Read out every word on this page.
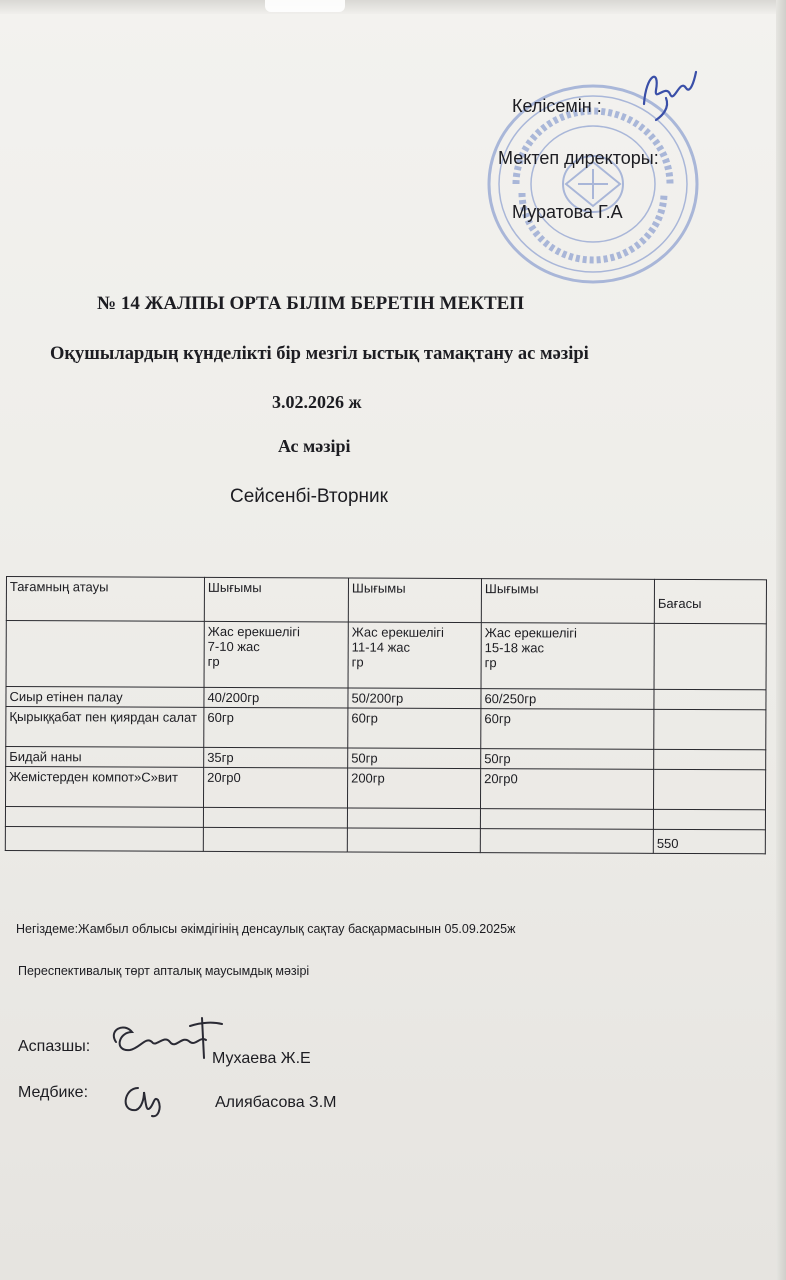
Келісемін :
Мектеп директоры:
Муратова Г.А
№ 14 ЖАЛПЫ ОРТА БІЛІМ БЕРЕТІН МЕКТЕП
Оқушылардың күнделікті бір мезгіл ыстық тамақтану ас мәзірі
3.02.2026 ж
Ас мәзірі
Сейсенбі-Вторник
Тағамның атауы	Шығымы	Шығымы	Шығымы	Бағасы

	Жас ерекшелігі
7-10 жас
гр	Жас ерекшелігі
11-14 жас
гр	Жас ерекшелігі
15-18 жас
гр	

Сиыр етінен палау	40/200гр	50/200гр	60/250гр	
Қырыққабат пен қиярдан салат	60гр	60гр	60гр	
Бидай наны	35гр	50гр	50гр	
Жемістерден компот»С»вит	20гр0	200гр	20гр0	

				550
Негіздеме:Жамбыл облысы әкімдігінің денсаулық сақтау басқармасынын 05.09.2025ж
Переспективалық төрт апталық маусымдық мәзірі
Аспазшы:
Мухаева Ж.Е
Медбике:
Алиябасова З.М
